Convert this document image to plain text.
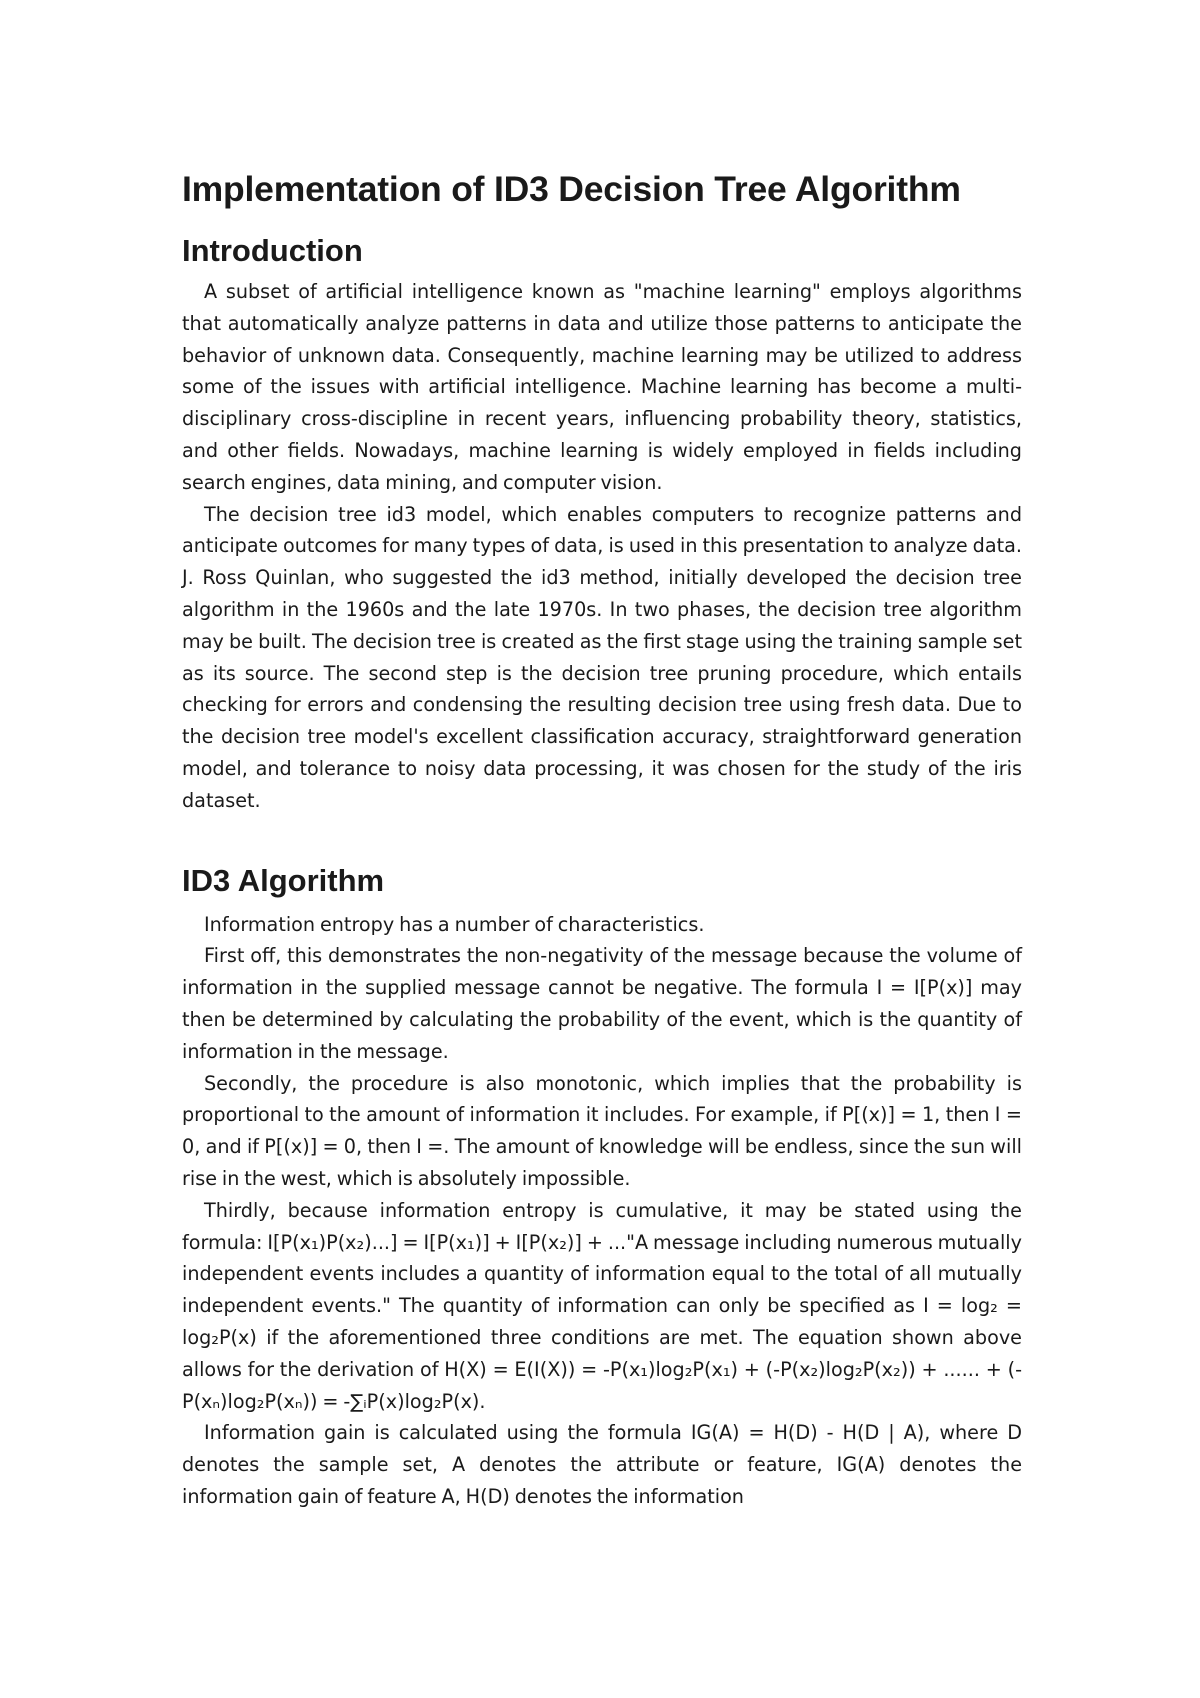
Implementation of ID3 Decision Tree Algorithm
Introduction

A subset of artificial intelligence known as "machine learning" employs algorithms that automatically analyze patterns in data and utilize those patterns to anticipate the behavior of unknown data. Consequently, machine learning may be utilized to address some of the issues with artificial intelligence. Machine learning has become a multi-disciplinary cross-discipline in recent years, influencing probability theory, statistics, and other fields. Nowadays, machine learning is widely employed in fields including search engines, data mining, and computer vision.

The decision tree id3 model, which enables computers to recognize patterns and anticipate outcomes for many types of data, is used in this presentation to analyze data. J. Ross Quinlan, who suggested the id3 method, initially developed the decision tree algorithm in the 1960s and the late 1970s. In two phases, the decision tree algorithm may be built. The decision tree is created as the first stage using the training sample set as its source. The second step is the decision tree pruning procedure, which entails checking for errors and condensing the resulting decision tree using fresh data. Due to the decision tree model's excellent classification accuracy, straightforward generation model, and tolerance to noisy data processing, it was chosen for the study of the iris dataset.

ID3 Algorithm

Information entropy has a number of characteristics.

First off, this demonstrates the non-negativity of the message because the volume of information in the supplied message cannot be negative. The formula I = I[P(x)] may then be determined by calculating the probability of the event, which is the quantity of information in the message.

Secondly, the procedure is also monotonic, which implies that the probability is proportional to the amount of information it includes. For example, if P[(x)] = 1, then I = 0, and if P[(x)] = 0, then I =. The amount of knowledge will be endless, since the sun will rise in the west, which is absolutely impossible.

Thirdly, because information entropy is cumulative, it may be stated using the formula: I[P(x₁)P(x₂)...] = I[P(x₁)] + I[P(x₂)] + ..."A message including numerous mutually independent events includes a quantity of information equal to the total of all mutually independent events." The quantity of information can only be specified as I = log₂ = log₂P(x) if the aforementioned three conditions are met. The equation shown above allows for the derivation of H(X) = E(I(X)) = -P(x₁)log₂P(x₁) + (-P(x₂)log₂P(x₂)) + ...... + (-P(xₙ)log₂P(xₙ)) = -∑ᵢP(x)log₂P(x).

Information gain is calculated using the formula IG(A) = H(D) - H(D | A), where D denotes the sample set, A denotes the attribute or feature, IG(A) denotes the information gain of feature A, H(D) denotes the information
